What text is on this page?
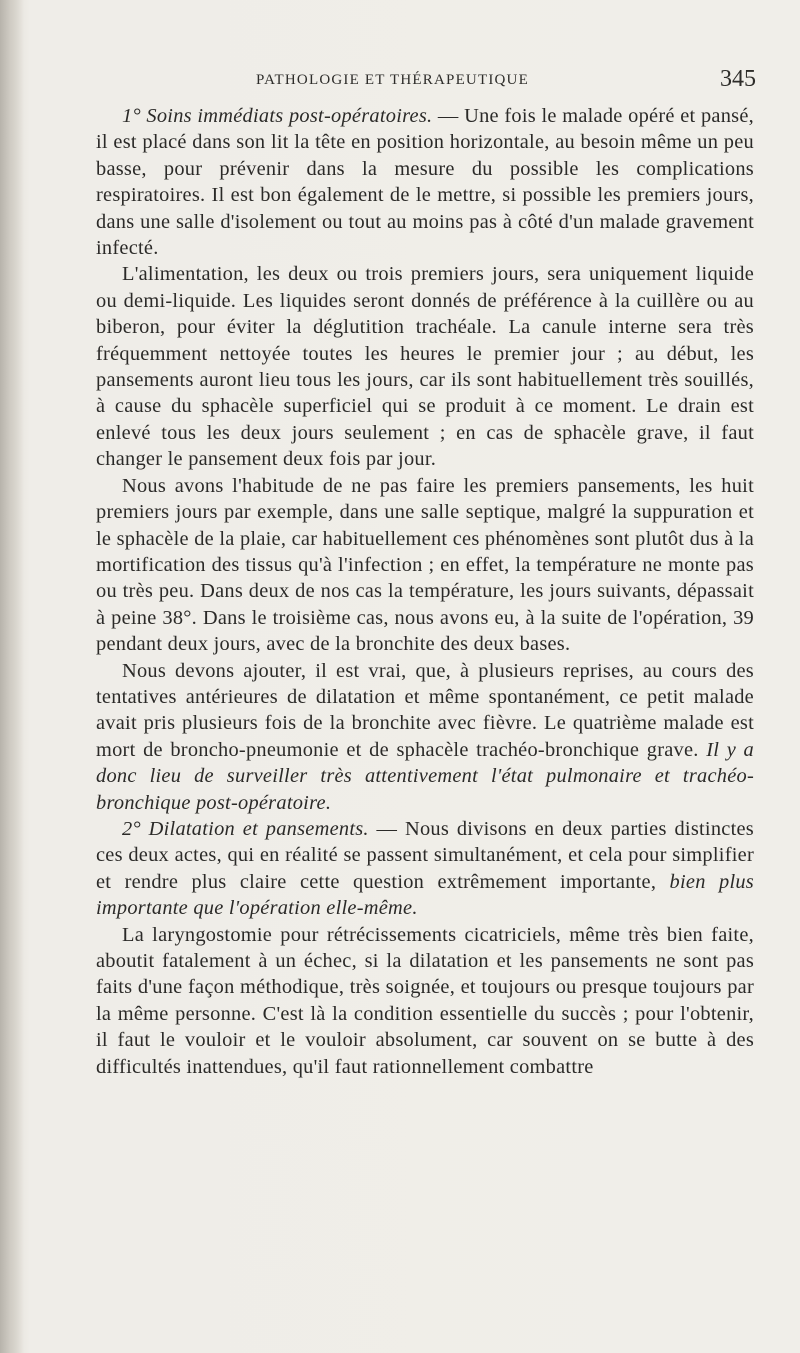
PATHOLOGIE ET THÉRAPEUTIQUE	345

1° Soins immédiats post-opératoires. — Une fois le malade opéré et pansé, il est placé dans son lit la tête en position horizontale, au besoin même un peu basse, pour prévenir dans la mesure du possible les complications respiratoires. Il est bon également de le mettre, si possible les premiers jours, dans une salle d'isolement ou tout au moins pas à côté d'un malade gravement infecté.

L'alimentation, les deux ou trois premiers jours, sera uniquement liquide ou demi-liquide. Les liquides seront donnés de préférence à la cuillère ou au biberon, pour éviter la déglutition trachéale. La canule interne sera très fréquemment nettoyée toutes les heures le premier jour ; au début, les pansements auront lieu tous les jours, car ils sont habituellement très souillés, à cause du sphacèle superficiel qui se produit à ce moment. Le drain est enlevé tous les deux jours seulement ; en cas de sphacèle grave, il faut changer le pansement deux fois par jour.

Nous avons l'habitude de ne pas faire les premiers pansements, les huit premiers jours par exemple, dans une salle septique, malgré la suppuration et le sphacèle de la plaie, car habituellement ces phénomènes sont plutôt dus à la mortification des tissus qu'à l'infection ; en effet, la température ne monte pas ou très peu. Dans deux de nos cas la température, les jours suivants, dépassait à peine 38°. Dans le troisième cas, nous avons eu, à la suite de l'opération, 39 pendant deux jours, avec de la bronchite des deux bases.

Nous devons ajouter, il est vrai, que, à plusieurs reprises, au cours des tentatives antérieures de dilatation et même spontanément, ce petit malade avait pris plusieurs fois de la bronchite avec fièvre. Le quatrième malade est mort de broncho-pneumonie et de sphacèle trachéo-bronchique grave. Il y a donc lieu de surveiller très attentivement l'état pulmonaire et trachéo-bronchique post-opératoire.

2° Dilatation et pansements. — Nous divisons en deux parties distinctes ces deux actes, qui en réalité se passent simultanément, et cela pour simplifier et rendre plus claire cette question extrêmement importante, bien plus importante que l'opération elle-même.

La laryngostomie pour rétrécissements cicatriciels, même très bien faite, aboutit fatalement à un échec, si la dilatation et les pansements ne sont pas faits d'une façon méthodique, très soignée, et toujours ou presque toujours par la même personne. C'est là la condition essentielle du succès ; pour l'obtenir, il faut le vouloir et le vouloir absolument, car souvent on se butte à des difficultés inattendues, qu'il faut rationnellement combattre
